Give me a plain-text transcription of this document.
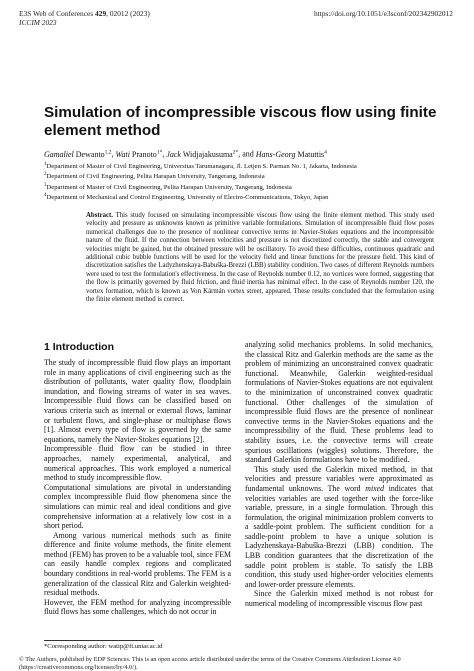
E3S Web of Conferences 429, 02012 (2023)
ICCIM 2023
https://doi.org/10.1051/e3sconf/202342902012
Simulation of incompressible viscous flow using finite element method
Gamaliel Dewanto$^{1,2}$, Wati Pranoto$^{1*}$, Jack Widjajakusuma$^{2*}$, and Hans-Georg Matuttis$^4$
$^1$Department of Master of Civil Engineering, Universitas Tarumanagara, Jl. Letjen S. Parman No. 1, Jakarta, Indonesia
$^2$Department of Civil Engineering, Pelita Harapan University, Tangerang, Indonesia
$^3$Department of Master of Civil Engineering, Pelita Harapan University, Tangerang, Indonesia
$^4$Department of Mechanical and Control Engineering, University of Electro-Communications, Tokyo, Japan
Abstract. This study focused on simulating incompressible viscous flow using the finite element method. This study used velocity and pressure as unknowns known as primitive variable formulations. Simulation of incompressible fluid flow poses numerical challenges due to the presence of nonlinear convective terms in Navier-Stokes equations and the incompressible nature of the fluid. If the connection between velocities and pressure is not discretized correctly, the stable and convergent velocities might be gained, but the obtained pressure will be oscillatory. To avoid these difficulties, continuous quadratic and additional cubic bubble functions will be used for the velocity field and linear functions for the pressure field. This kind of discretization satisfies the Ladyzhenskaya-Babuška-Brezzi (LBB) stability condition. Two cases of different Reynolds numbers were used to test the formulation's effectiveness. In the case of Reynolds number 0.12, no vortices were formed, suggesting that the flow is primarily governed by fluid friction, and fluid inertia has minimal effect. In the case of Reynolds number 120, the vortex formation, which is known as Von Kármán vortex street, appeared. These results concluded that the formulation using the finite element method is correct.
1 Introduction

The study of incompressible fluid flow plays an important role in many applications of civil engineering such as the distribution of pollutants, water quality flow, floodplain inundation, and flowing streams of water in sea waves. Incompressible fluid flows can be classified based on various criteria such as internal or external flows, laminar or turbulent flows, and single-phase or multiphase flows [1]. Almost every type of flow is governed by the same equations, namely the Navier-Stokes equations [2].

Incompressible fluid flow can be studied in three approaches, namely experimental, analytical, and numerical approaches. This work employed a numerical method to study incompressible flow.

Computational simulations are pivotal in understanding complex incompressible fluid flow phenomena since the simulations can mimic real and ideal conditions and give comprehensive information at a relatively low cost in a short period.

Among various numerical methods such as finite difference and finite volume methods, the finite element method (FEM) has proven to be a valuable tool, since FEM can easily handle complex regions and complicated boundary conditions in real-world problems. The FEM is a generalization of the classical Ritz and Galerkin weighted-residual methods.

However, the FEM method for analyzing incompressible fluid flows has some challenges, which do not occur in

analyzing solid mechanics problems. In solid mechanics, the classical Ritz and Galerkin methods are the same as the problem of minimizing an unconstrained convex quadratic functional. Meanwhile, Galerkin weighted-residual formulations of Navier-Stokes equations are not equivalent to the minimization of unconstrained convex quadratic functional. Other challenges of the simulation of incompressible fluid flows are the presence of nonlinear convective terms in the Navier-Stokes equations and the incompressibility of the fluid. These problems lead to stability issues, i.e. the convective terms will create spurious oscillations (wiggles) solutions. Therefore, the standard Galerkin formulations have to be modified.

This study used the Galerkin mixed method, in that velocities and pressure variables were approximated as fundamental unknowns. The word mixed indicates that velocities variables are used together with the force-like variable, pressure, in a single formulation. Through this formulation, the original minimization problem converts to a saddle-point problem. The sufficient condition for a saddle-point problem to have a unique solution is Ladyzhenskaya-Babuška-Brezzi (LBB) condition. The LBB condition guarantees that the discretization of the saddle point problem is stable. To satisfy the LBB condition, this study used higher-order velocities elements and lower-order pressure elements.

Since the Galerkin mixed method is not robust for numerical modeling of incompressible viscous flow past

*Corresponding author: watip@ft.untar.ac.id
© The Authors, published by EDP Sciences. This is an open access article distributed under the terms of the Creative Commons Attribution License 4.0
(https://creativecommons.org/licenses/by/4.0/).
